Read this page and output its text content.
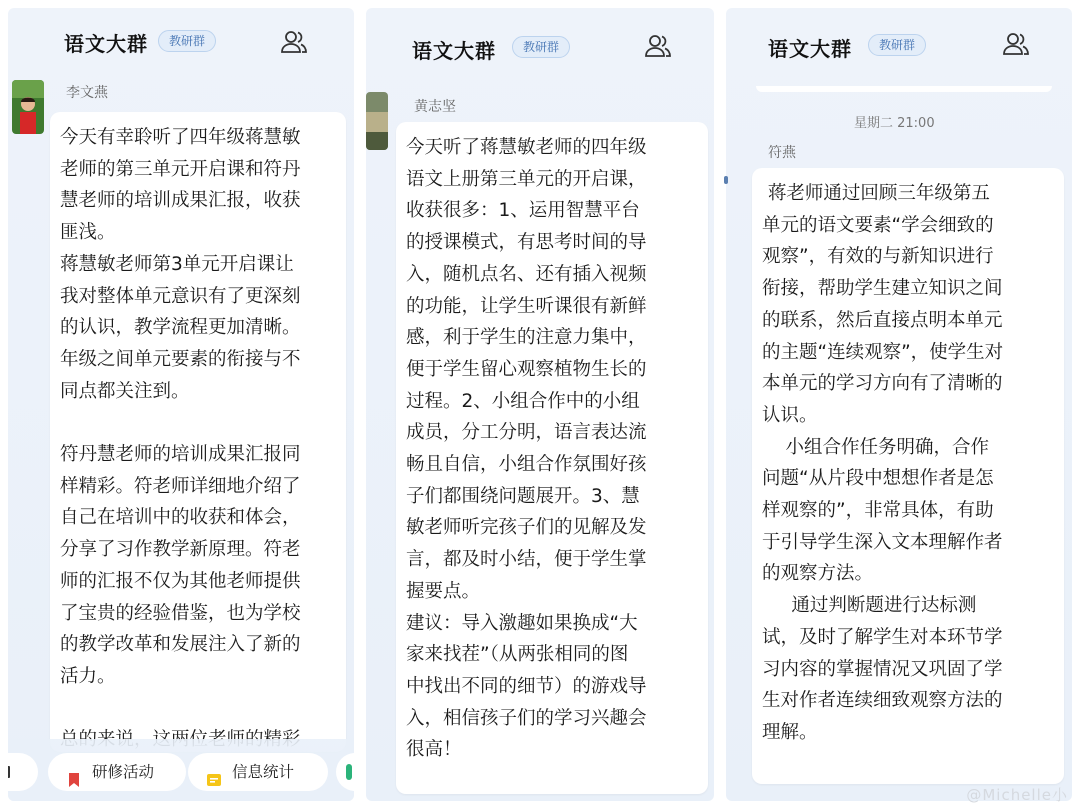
语文大群	教研群
李文燕
今天有幸聆听了四年级蒋慧敏
老师的第三单元开启课和符丹
慧老师的培训成果汇报，收获
匪浅。
蒋慧敏老师第3单元开启课让
我对整体单元意识有了更深刻
的认识，教学流程更加清晰。
年级之间单元要素的衔接与不
同点都关注到。

符丹慧老师的培训成果汇报同
样精彩。符老师详细地介绍了
自己在培训中的收获和体会，
分享了习作教学新原理。符老
师的汇报不仅为其他老师提供
了宝贵的经验借鉴，也为学校
的教学改革和发展注入了新的
活力。

研修活动	信息统计
语文大群	教研群
黄志坚
今天听了蒋慧敏老师的四年级
语文上册第三单元的开启课，
收获很多：1、运用智慧平台
的授课模式，有思考时间的导
入，随机点名、还有插入视频
的功能，让学生听课很有新鲜
感，利于学生的注意力集中，
便于学生留心观察植物生长的
过程。2、小组合作中的小组
成员，分工分明，语言表达流
畅且自信，小组合作氛围好孩
子们都围绕问题展开。3、慧
敏老师听完孩子们的见解及发
言，都及时小结，便于学生掌
握要点。
建议：导入激趣如果换成“大
家来找茬”（从两张相同的图
中找出不同的细节）的游戏导
入，相信孩子们的学习兴趣会
很高！
语文大群	教研群
星期二 21:00
符燕
蒋老师通过回顾三年级第五
单元的语文要素“学会细致的
观察”，有效的与新知识进行
衔接，帮助学生建立知识之间
的联系，然后直接点明本单元
的主题“连续观察”，使学生对
本单元的学习方向有了清晰的
认识。
小组合作任务明确，合作
问题“从片段中想想作者是怎
样观察的”，非常具体，有助
于引导学生深入文本理解作者
的观察方法。
通过判断题进行达标测
试，及时了解学生对本环节学
习内容的掌握情况又巩固了学
生对作者连续细致观察方法的
理解。
@Michelle小
